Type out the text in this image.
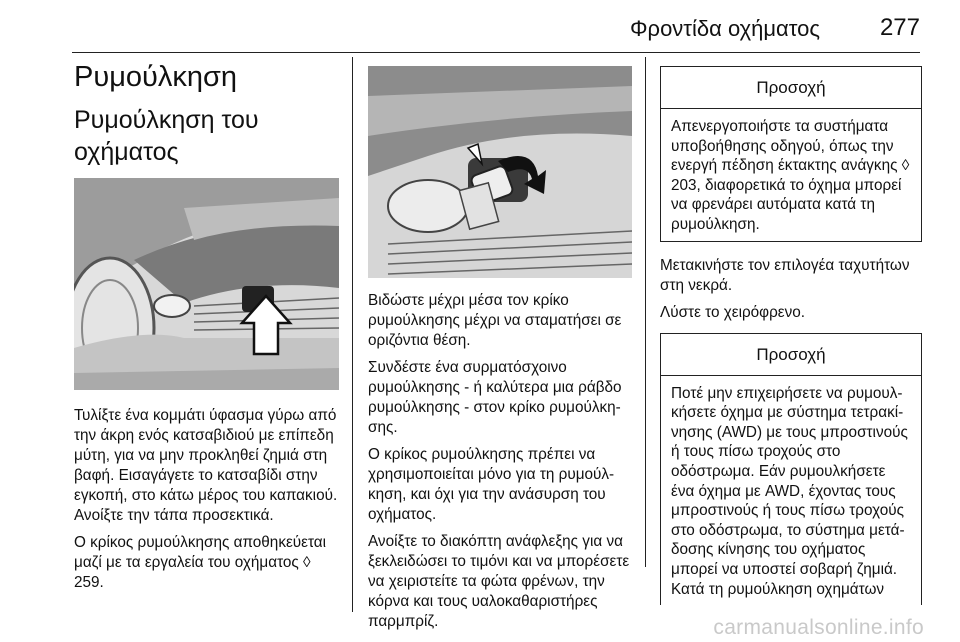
Φροντίδα οχήματος 277
Ρυμούλκηση
Ρυμούλκηση του οχήματος

Τυλίξτε ένα κομμάτι ύφασμα γύρω από την άκρη ενός κατσαβιδιού με επίπεδη μύτη, για να μην προκληθεί ζημιά στη βαφή. Εισαγάγετε το κατσαβίδι στην εγκοπή, στο κάτω μέρος του καπακιού. Ανοίξτε την τάπα προσεκτικά.

Ο κρίκος ρυμούλκησης αποθηκεύεται μαζί με τα εργαλεία του οχήματος ◊ 259.

Βιδώστε μέχρι μέσα τον κρίκο ρυμούλκησης μέχρι να σταματήσει σε οριζόντια θέση.

Συνδέστε ένα συρματόσχοινο ρυμούλκησης - ή καλύτερα μια ράβδο ρυμούλκησης - στον κρίκο ρυμούλκησης.

Ο κρίκος ρυμούλκησης πρέπει να χρησιμοποιείται μόνο για τη ρυμούλκηση, και όχι για την ανάσυρση του οχήματος.

Ανοίξτε το διακόπτη ανάφλεξης για να ξεκλειδώσει το τιμόνι και να μπορέσετε να χειριστείτε τα φώτα φρένων, την κόρνα και τους υαλοκαθαριστήρες παρμπρίζ.

Προσοχή
Απενεργοποιήστε τα συστήματα υποβοήθησης οδηγού, όπως την ενεργή πέδηση έκτακτης ανάγκης ◊ 203, διαφορετικά το όχημα μπορεί να φρενάρει αυτόματα κατά τη ρυμούλκηση.

Μετακινήστε τον επιλογέα ταχυτήτων στη νεκρά.

Λύστε το χειρόφρενο.

Προσοχή
Ποτέ μην επιχειρήσετε να ρυμουλκήσετε όχημα με σύστημα τετρακίνησης (AWD) με τους μπροστινούς ή τους πίσω τροχούς στο οδόστρωμα. Εάν ρυμουλκήσετε ένα όχημα με AWD, έχοντας τους μπροστινούς ή τους πίσω τροχούς στο οδόστρωμα, το σύστημα μετάδοσης κίνησης του οχήματος μπορεί να υποστεί σοβαρή ζημιά. Κατά τη ρυμούλκηση οχημάτων
carmanualsonline.info
